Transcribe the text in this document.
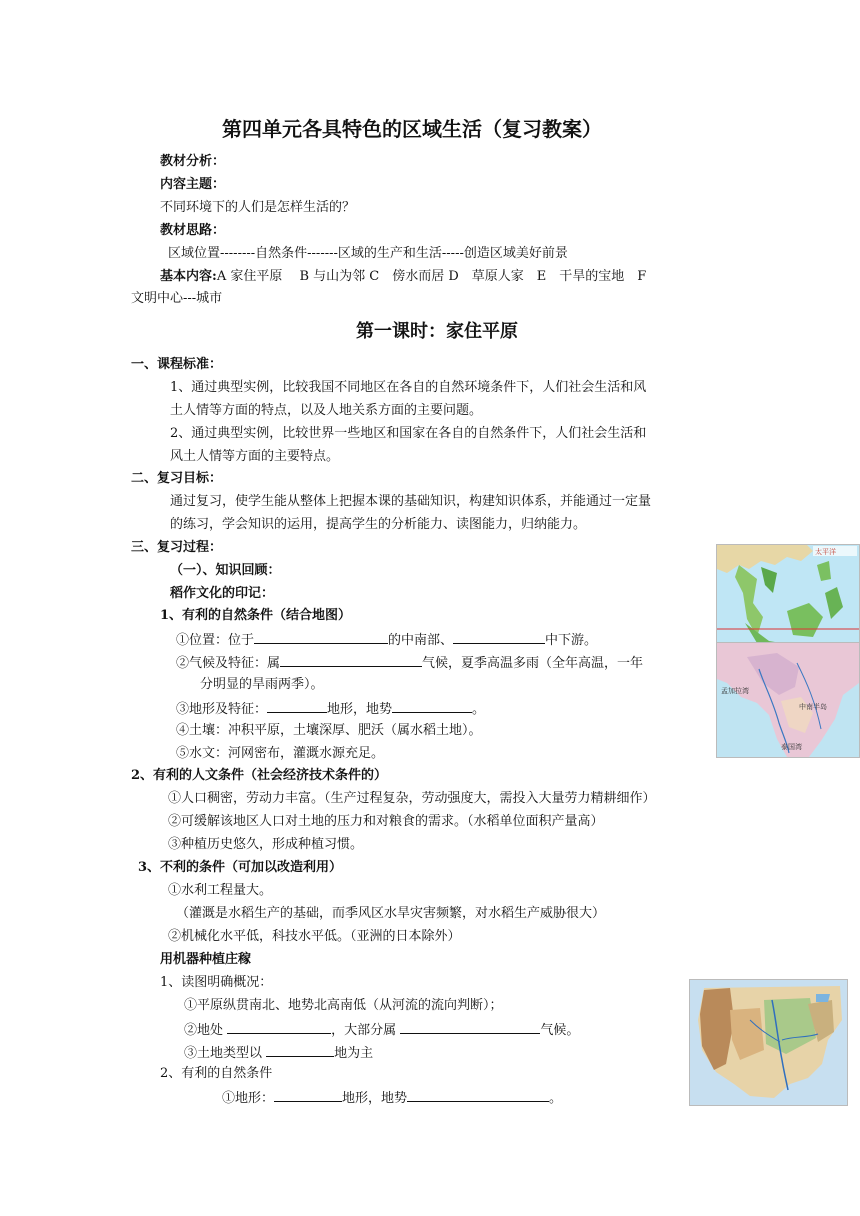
第四单元各具特色的区域生活（复习教案）
教材分析：
内容主题：
不同环境下的人们是怎样生活的？
教材思路：
区域位置--------自然条件-------区域的生产和生活-----创造区域美好前景
基本内容:A 家住平原　 B 与山为邻 C　傍水而居 D　草原人家　E　干旱的宝地　F
文明中心---城市
第一课时：家住平原
一、课程标准：
1、通过典型实例，比较我国不同地区在各自的自然环境条件下，人们社会生活和风
土人情等方面的特点，以及人地关系方面的主要问题。
2、通过典型实例，比较世界一些地区和国家在各自的自然条件下，人们社会生活和
风土人情等方面的主要特点。
二、复习目标：
通过复习，使学生能从整体上把握本课的基础知识，构建知识体系，并能通过一定量
的练习，学会知识的运用，提高学生的分析能力、读图能力，归纳能力。
三、复习过程：
（一）、知识回顾：
稻作文化的印记：
1、有利的自然条件（结合地图）
①位置：位于	的中南部、	中下游。
②气候及特征：属	气候，夏季高温多雨（全年高温，一年
分明显的旱雨两季）。
③地形及特征：	地形，地势	。
④土壤：冲积平原，土壤深厚、肥沃（属水稻土地）。
⑤水文：河网密布，灌溉水源充足。
2、有利的人文条件（社会经济技术条件的）
①人口稠密，劳动力丰富。（生产过程复杂，劳动强度大，需投入大量劳力精耕细作）
②可缓解该地区人口对土地的压力和对粮食的需求。（水稻单位面积产量高）
③种植历史悠久，形成种植习惯。
3、不利的条件（可加以改造利用）
①水利工程量大。
（灌溉是水稻生产的基础，而季风区水旱灾害频繁，对水稻生产威胁很大）
②机械化水平低，科技水平低。（亚洲的日本除外）
用机器种植庄稼
1、读图明确概况：
①平原纵贯南北、地势北高南低（从河流的流向判断）；
②地处	，大部分属	气候。
③土地类型以	地为主
2、有利的自然条件
①地形：	地形，地势	。
太平洋
孟加拉湾
泰国湾
中南半岛
